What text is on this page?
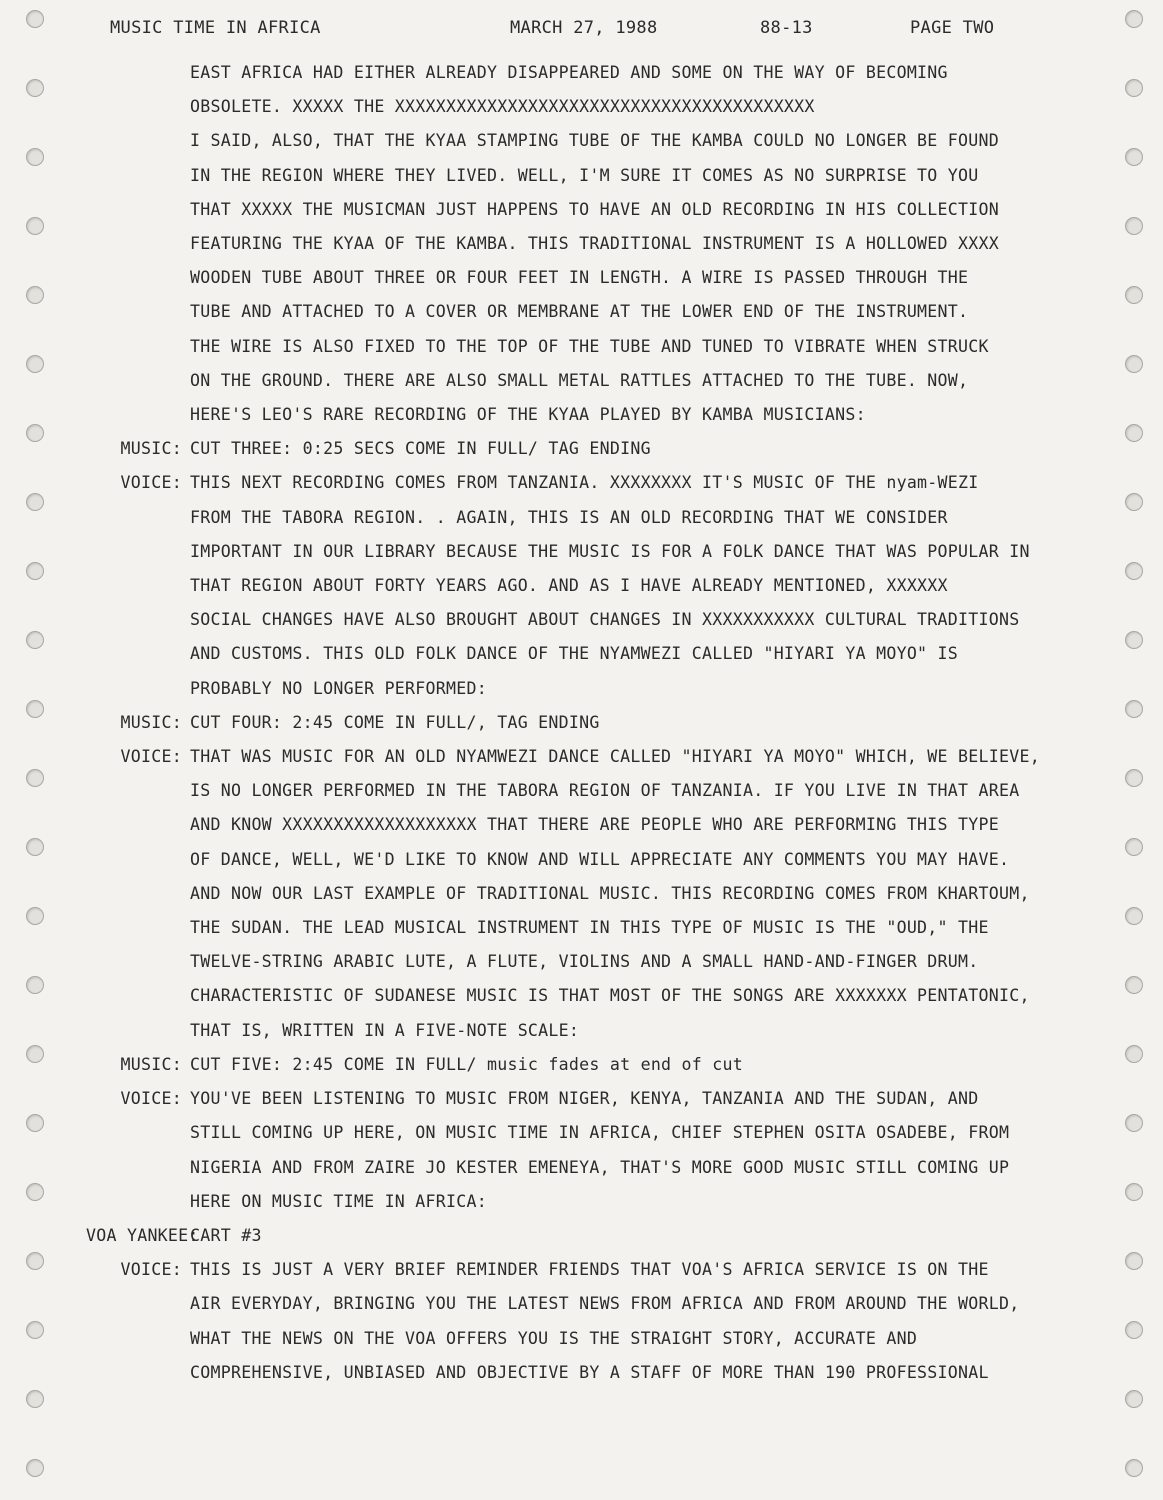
MUSIC TIME IN AFRICA	MARCH 27, 1988	88-13	PAGE TWO
EAST AFRICA HAD EITHER ALREADY DISAPPEARED AND SOME ON THE WAY OF BECOMING
OBSOLETE. XXXXX THE XXXXXXXXXXXXXXXXXXXXXXXXXXXXXXXXXXXXXXXXX
I SAID, ALSO, THAT THE KYAA STAMPING TUBE OF THE KAMBA COULD NO LONGER BE FOUND
IN THE REGION WHERE THEY LIVED. WELL, I'M SURE IT COMES AS NO SURPRISE TO YOU
THAT XXXXX THE MUSICMAN JUST HAPPENS TO HAVE AN OLD RECORDING IN HIS COLLECTION
FEATURING THE KYAA OF THE KAMBA. THIS TRADITIONAL INSTRUMENT IS A HOLLOWED XXXX
WOODEN TUBE ABOUT THREE OR FOUR FEET IN LENGTH. A WIRE IS PASSED THROUGH THE
TUBE AND ATTACHED TO A COVER OR MEMBRANE AT THE LOWER END OF THE INSTRUMENT.
THE WIRE IS ALSO FIXED TO THE TOP OF THE TUBE AND TUNED TO VIBRATE WHEN STRUCK
ON THE GROUND. THERE ARE ALSO SMALL METAL RATTLES ATTACHED TO THE TUBE. NOW,
HERE'S LEO'S RARE RECORDING OF THE KYAA PLAYED BY KAMBA MUSICIANS:
MUSIC: CUT THREE: 0:25 SECS COME IN FULL/ TAG ENDING
VOICE: THIS NEXT RECORDING COMES FROM TANZANIA. XXXXXXXX IT'S MUSIC OF THE nyam-WEZI
FROM THE TABORA REGION. . AGAIN, THIS IS AN OLD RECORDING THAT WE CONSIDER
IMPORTANT IN OUR LIBRARY BECAUSE THE MUSIC IS FOR A FOLK DANCE THAT WAS POPULAR IN
THAT REGION ABOUT FORTY YEARS AGO. AND AS I HAVE ALREADY MENTIONED, XXXXXX
SOCIAL CHANGES HAVE ALSO BROUGHT ABOUT CHANGES IN XXXXXXXXXXX CULTURAL TRADITIONS
AND CUSTOMS. THIS OLD FOLK DANCE OF THE NYAMWEZI CALLED "HIYARI YA MOYO" IS
PROBABLY NO LONGER PERFORMED:
MUSIC: CUT FOUR: 2:45 COME IN FULL/, TAG ENDING
VOICE: THAT WAS MUSIC FOR AN OLD NYAMWEZI DANCE CALLED "HIYARI YA MOYO" WHICH, WE BELIEVE,
IS NO LONGER PERFORMED IN THE TABORA REGION OF TANZANIA. IF YOU LIVE IN THAT AREA
AND KNOW XXXXXXXXXXXXXXXXXXX THAT THERE ARE PEOPLE WHO ARE PERFORMING THIS TYPE
OF DANCE, WELL, WE'D LIKE TO KNOW AND WILL APPRECIATE ANY COMMENTS YOU MAY HAVE.
AND NOW OUR LAST EXAMPLE OF TRADITIONAL MUSIC. THIS RECORDING COMES FROM KHARTOUM,
THE SUDAN. THE LEAD MUSICAL INSTRUMENT IN THIS TYPE OF MUSIC IS THE "OUD," THE
TWELVE-STRING ARABIC LUTE, A FLUTE, VIOLINS AND A SMALL HAND-AND-FINGER DRUM.
CHARACTERISTIC OF SUDANESE MUSIC IS THAT MOST OF THE SONGS ARE XXXXXXX PENTATONIC,
THAT IS, WRITTEN IN A FIVE-NOTE SCALE:
MUSIC: CUT FIVE: 2:45 COME IN FULL/ music fades at end of cut
VOICE: YOU'VE BEEN LISTENING TO MUSIC FROM NIGER, KENYA, TANZANIA AND THE SUDAN, AND
STILL COMING UP HERE, ON MUSIC TIME IN AFRICA, CHIEF STEPHEN OSITA OSADEBE, FROM
NIGERIA AND FROM ZAIRE JO KESTER EMENEYA, THAT'S MORE GOOD MUSIC STILL COMING UP
HERE ON MUSIC TIME IN AFRICA:
VOA YANKEE:
CART #3
VOICE: THIS IS JUST A VERY BRIEF REMINDER FRIENDS THAT VOA'S AFRICA SERVICE IS ON THE
AIR EVERYDAY, BRINGING YOU THE LATEST NEWS FROM AFRICA AND FROM AROUND THE WORLD,
WHAT THE NEWS ON THE VOA OFFERS YOU IS THE STRAIGHT STORY, ACCURATE AND
COMPREHENSIVE, UNBIASED AND OBJECTIVE BY A STAFF OF MORE THAN 190 PROFESSIONAL
